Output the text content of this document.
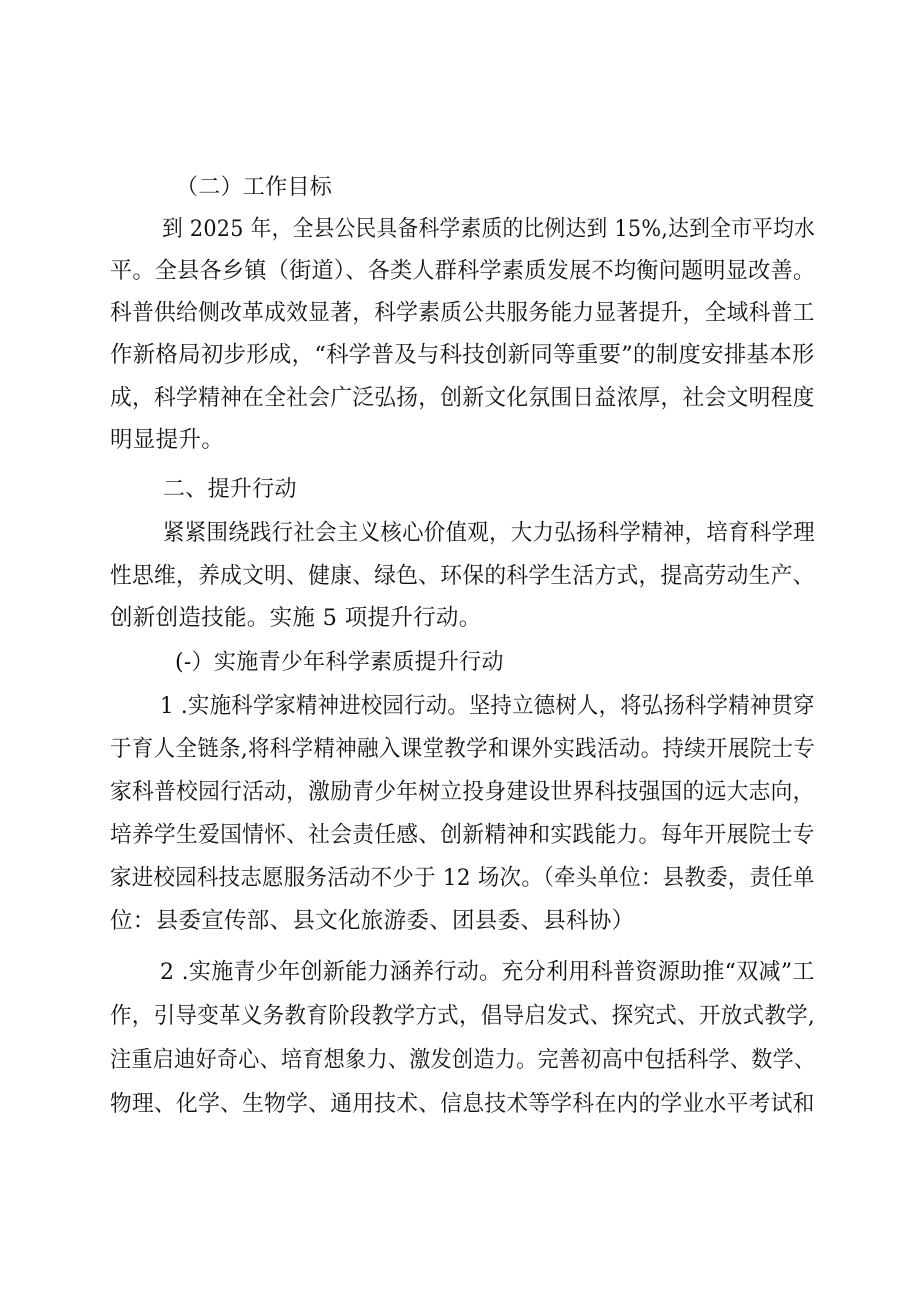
（二）工作目标
到 2025 年，全县公民具备科学素质的比例达到 15%,达到全市平均水
平。全县各乡镇（街道）、各类人群科学素质发展不均衡问题明显改善。
科普供给侧改革成效显著，科学素质公共服务能力显著提升，全域科普工
作新格局初步形成，“科学普及与科技创新同等重要”的制度安排基本形
成，科学精神在全社会广泛弘扬，创新文化氛围日益浓厚，社会文明程度
明显提升。
二、提升行动
紧紧围绕践行社会主义核心价值观，大力弘扬科学精神，培育科学理
性思维，养成文明、健康、绿色、环保的科学生活方式，提高劳动生产、
创新创造技能。实施 5 项提升行动。
(-）实施青少年科学素质提升行动
1 .实施科学家精神进校园行动。坚持立德树人，将弘扬科学精神贯穿
于育人全链条,将科学精神融入课堂教学和课外实践活动。持续开展院士专
家科普校园行活动，激励青少年树立投身建设世界科技强国的远大志向，
培养学生爱国情怀、社会责任感、创新精神和实践能力。每年开展院士专
家进校园科技志愿服务活动不少于 12 场次。（牵头单位：县教委，责任单
位：县委宣传部、县文化旅游委、团县委、县科协）
2 .实施青少年创新能力涵养行动。充分利用科普资源助推“双减”工
作，引导变革义务教育阶段教学方式，倡导启发式、探究式、开放式教学,
注重启迪好奇心、培育想象力、激发创造力。完善初高中包括科学、数学、
物理、化学、生物学、通用技术、信息技术等学科在内的学业水平考试和
